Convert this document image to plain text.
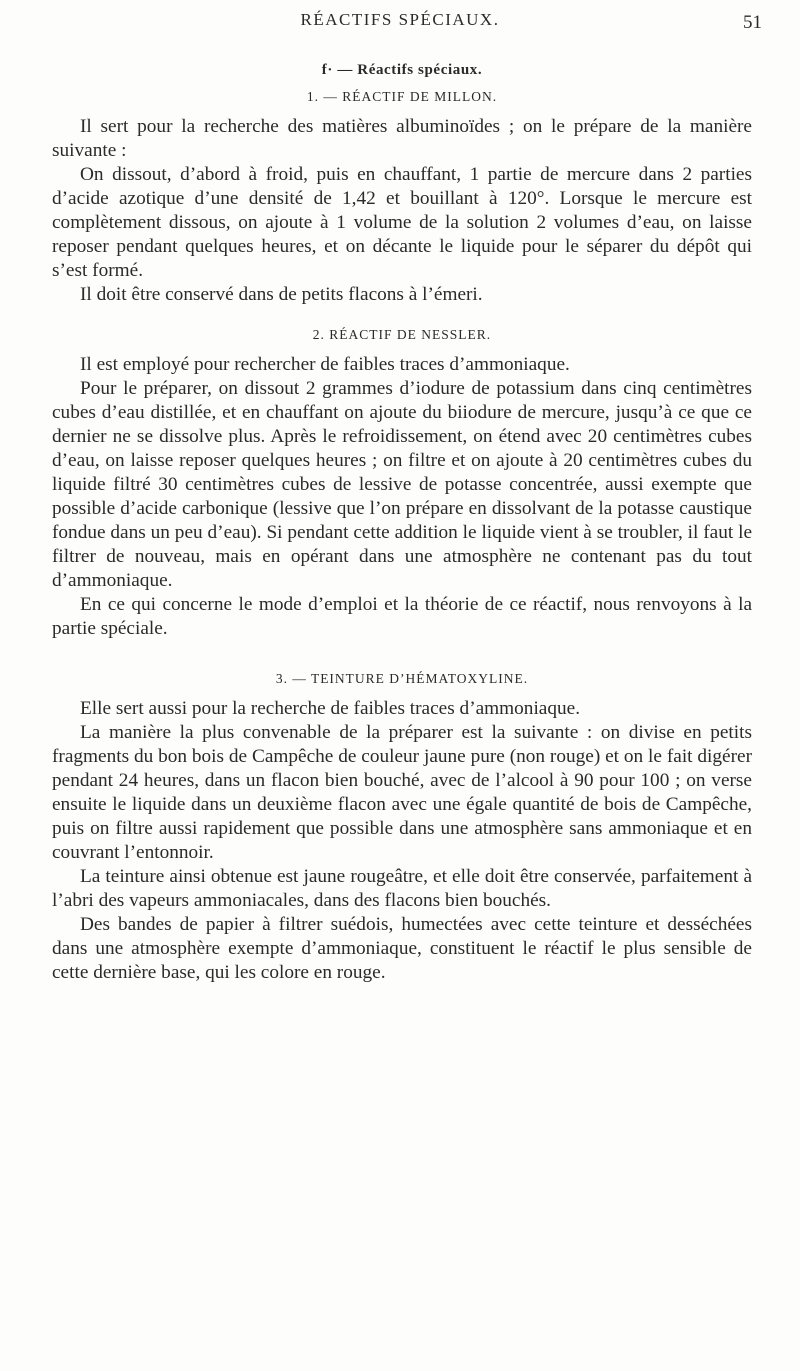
RÉACTIFS SPÉCIAUX.	51

f· — Réactifs spéciaux.

1. — RÉACTIF DE MILLON.

Il sert pour la recherche des matières albuminoïdes ; on le prépare de la manière suivante :

On dissout, d’abord à froid, puis en chauffant, 1 partie de mercure dans 2 parties d’acide azotique d’une densité de 1,42 et bouillant à 120°. Lorsque le mercure est complètement dissous, on ajoute à 1 volume de la solution 2 volumes d’eau, on laisse reposer pendant quelques heures, et on décante le liquide pour le séparer du dépôt qui s’est formé.

Il doit être conservé dans de petits flacons à l’émeri.

2. RÉACTIF DE NESSLER.

Il est employé pour rechercher de faibles traces d’ammoniaque.

Pour le préparer, on dissout 2 grammes d’iodure de potassium dans cinq centimètres cubes d’eau distillée, et en chauffant on ajoute du biiodure de mercure, jusqu’à ce que ce dernier ne se dissolve plus. Après le refroidissement, on étend avec 20 centimètres cubes d’eau, on laisse reposer quelques heures ; on filtre et on ajoute à 20 centimètres cubes du liquide filtré 30 centimètres cubes de lessive de potasse concentrée, aussi exempte que possible d’acide carbonique (lessive que l’on prépare en dissolvant de la potasse caustique fondue dans un peu d’eau). Si pendant cette addition le liquide vient à se troubler, il faut le filtrer de nouveau, mais en opérant dans une atmosphère ne contenant pas du tout d’ammoniaque.

En ce qui concerne le mode d’emploi et la théorie de ce réactif, nous renvoyons à la partie spéciale.

3. — TEINTURE D’HÉMATOXYLINE.

Elle sert aussi pour la recherche de faibles traces d’ammoniaque.

La manière la plus convenable de la préparer est la suivante : on divise en petits fragments du bon bois de Campêche de couleur jaune pure (non rouge) et on le fait digérer pendant 24 heures, dans un flacon bien bouché, avec de l’alcool à 90 pour 100 ; on verse ensuite le liquide dans un deuxième flacon avec une égale quantité de bois de Campêche, puis on filtre aussi rapidement que possible dans une atmosphère sans ammoniaque et en couvrant l’entonnoir.

La teinture ainsi obtenue est jaune rougeâtre, et elle doit être conservée, parfaitement à l’abri des vapeurs ammoniacales, dans des flacons bien bouchés.

Des bandes de papier à filtrer suédois, humectées avec cette teinture et desséchées dans une atmosphère exempte d’ammoniaque, constituent le réactif le plus sensible de cette dernière base, qui les colore en rouge.
